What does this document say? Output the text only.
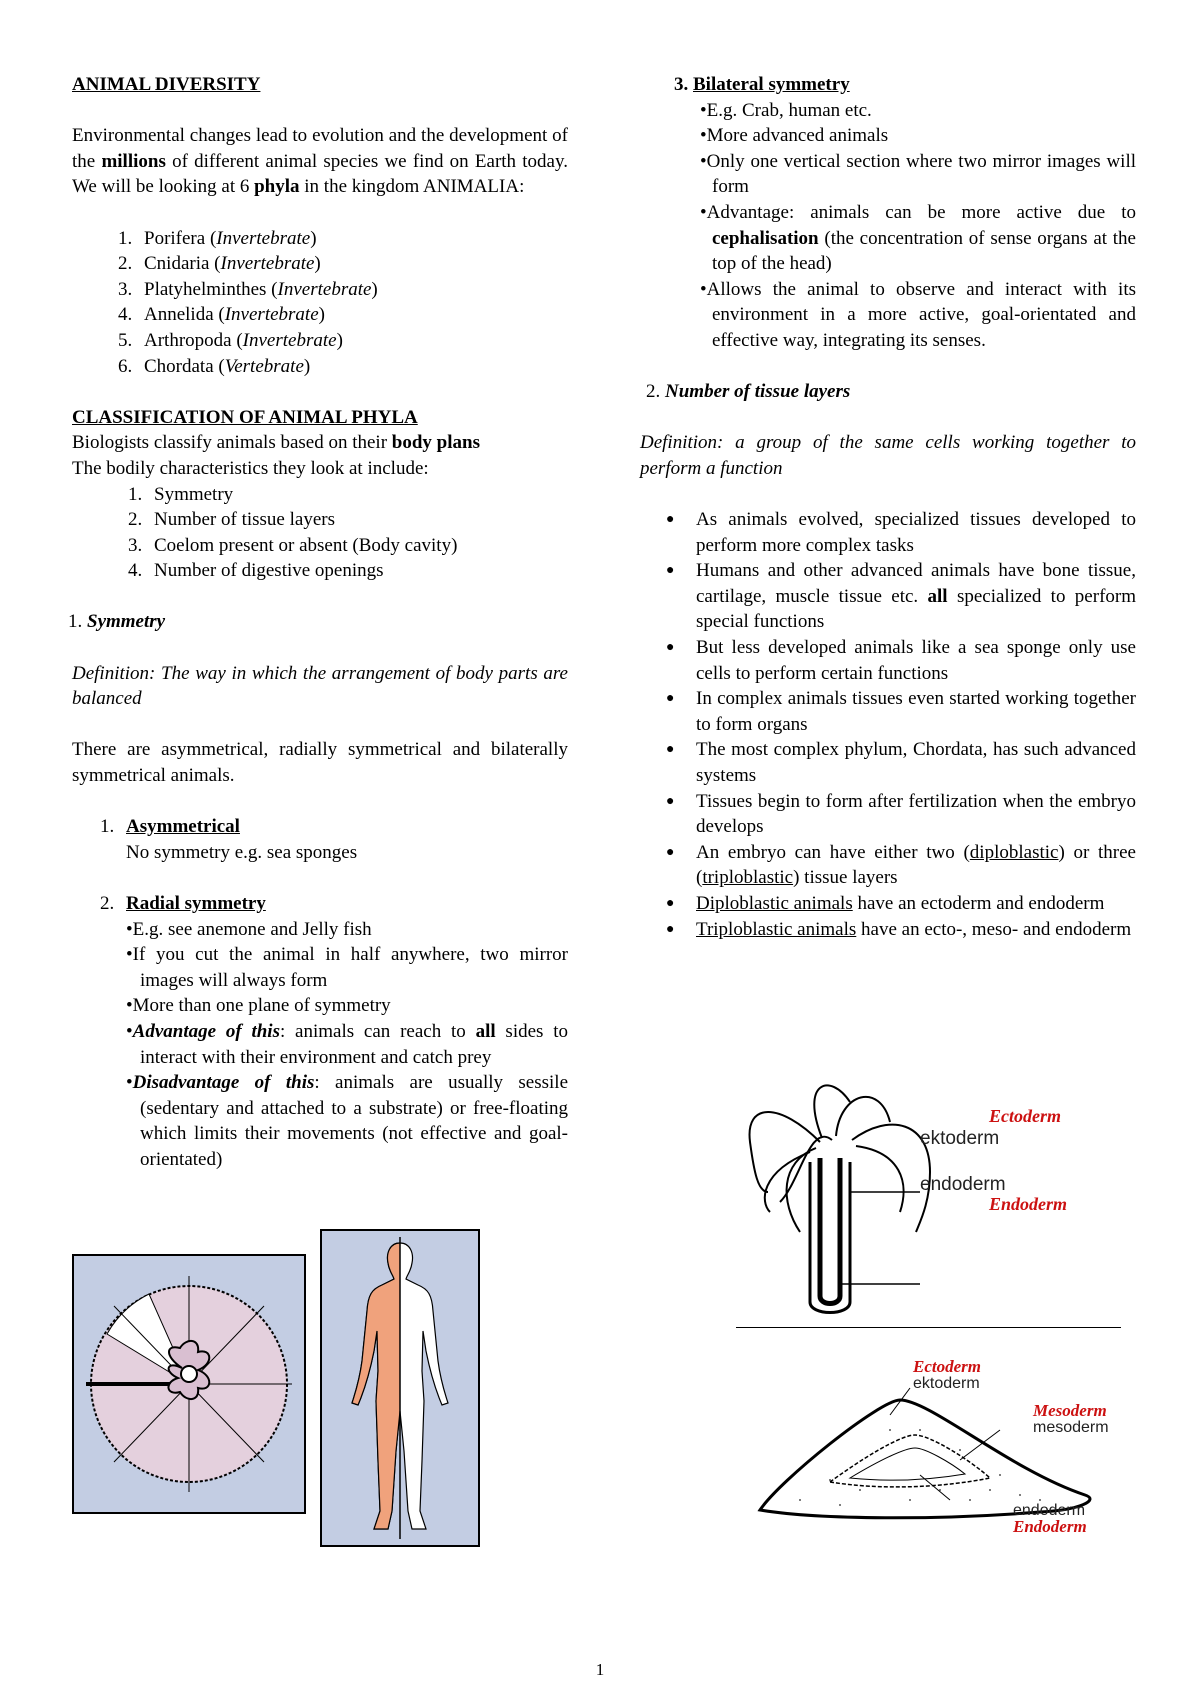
ANIMAL DIVERSITY

Environmental changes lead to evolution and the development of the millions of different animal species we find on Earth today. We will be looking at 6 phyla in the kingdom ANIMALIA:

1. Porifera ( Invertebrate )
2. Cnidaria ( Invertebrate )
3. Platyhelminthes ( Invertebrate )
4. Annelida ( Invertebrate )
5. Arthropoda ( Invertebrate )
6. Chordata ( Vertebrate )

CLASSIFICATION OF ANIMAL PHYLA

Biologists classify animals based on their body plans

The bodily characteristics they look at include:

1. Symmetry
2. Number of tissue layers
3. Coelom present or absent (Body cavity)
4. Number of digestive openings

1. Symmetry

Definition: The way in which the arrangement of body parts are balanced

There are asymmetrical, radially symmetrical and bilaterally symmetrical animals.

1. Asymmetrical

No symmetry e.g. sea sponges

2. Radial symmetry

•E.g. see anemone and Jelly fish

•If you cut the animal in half anywhere, two mirror images will always form

•More than one plane of symmetry

•Advantage of this: animals can reach to all sides to interact with their environment and catch prey

•Disadvantage of this: animals are usually sessile (sedentary and attached to a substrate) or free-floating which limits their movements (not effective and goal-orientated)

3. Bilateral symmetry

•E.g. Crab, human etc.

•More advanced animals

•Only one vertical section where two mirror images will form

•Advantage: animals can be more active due to cephalisation (the concentration of sense organs at the top of the head)

•Allows the animal to observe and interact with its environment in a more active, goal-orientated and effective way, integrating its senses.

2. Number of tissue layers

Definition: a group of the same cells working together to perform a function

●	As animals evolved, specialized tissues developed to perform more complex tasks
●	Humans and other advanced animals have bone tissue, cartilage, muscle tissue etc. all specialized to perform special functions
●	But less developed animals like a sea sponge only use cells to perform certain functions
●	In complex animals tissues even started working together to form organs
●	The most complex phylum, Chordata, has such advanced systems
●	Tissues begin to form after fertilization when the embryo develops
●	An embryo can have either two (diploblastic) or three (triploblastic) tissue layers
●	Diploblastic animals have an ectoderm and endoderm
●	Triploblastic animals have an ecto-, meso- and endoderm
Ectoderm
ektoderm
endoderm
Endoderm
Ectoderm
ektoderm
Mesoderm
mesoderm
endoderm
Endoderm
1
